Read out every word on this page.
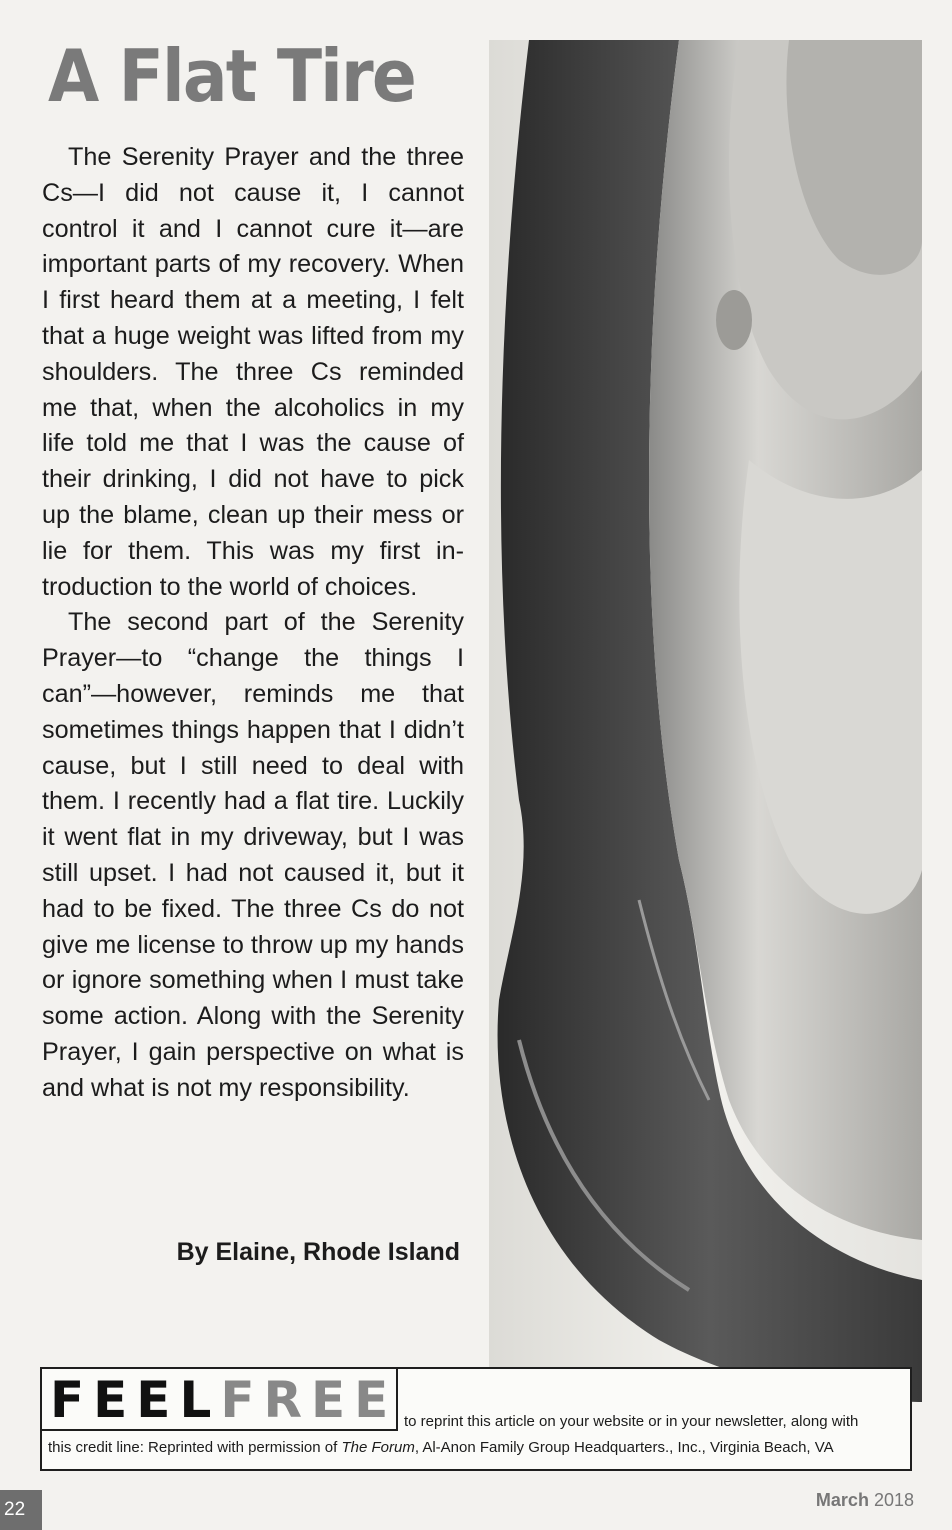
A Flat Tire

The Serenity Prayer and the three Cs—I did not cause it, I cannot control it and I cannot cure it—are important parts of my recovery. When I first heard them at a meeting, I felt that a huge weight was lifted from my shoulders. The three Cs reminded me that, when the alcoholics in my life told me that I was the cause of their drinking, I did not have to pick up the blame, clean up their mess or lie for them. This was my first introduction to the world of choices.

The second part of the Serenity Prayer—to “change the things I can”—however, reminds me that sometimes things happen that I didn’t cause, but I still need to deal with them. I recently had a flat tire. Luckily it went flat in my driveway, but I was still upset. I had not caused it, but it had to be fixed. The three Cs do not give me license to throw up my hands or ignore something when I must take some action. Along with the Serenity Prayer, I gain perspective on what is and what is not my responsibility.

By Elaine, Rhode Island
FEELFREE to reprint this article on your website or in your newsletter, along with
this credit line: Reprinted with permission of The Forum, Al-Anon Family Group Headquarters., Inc., Virginia Beach, VA
22	March 2018
